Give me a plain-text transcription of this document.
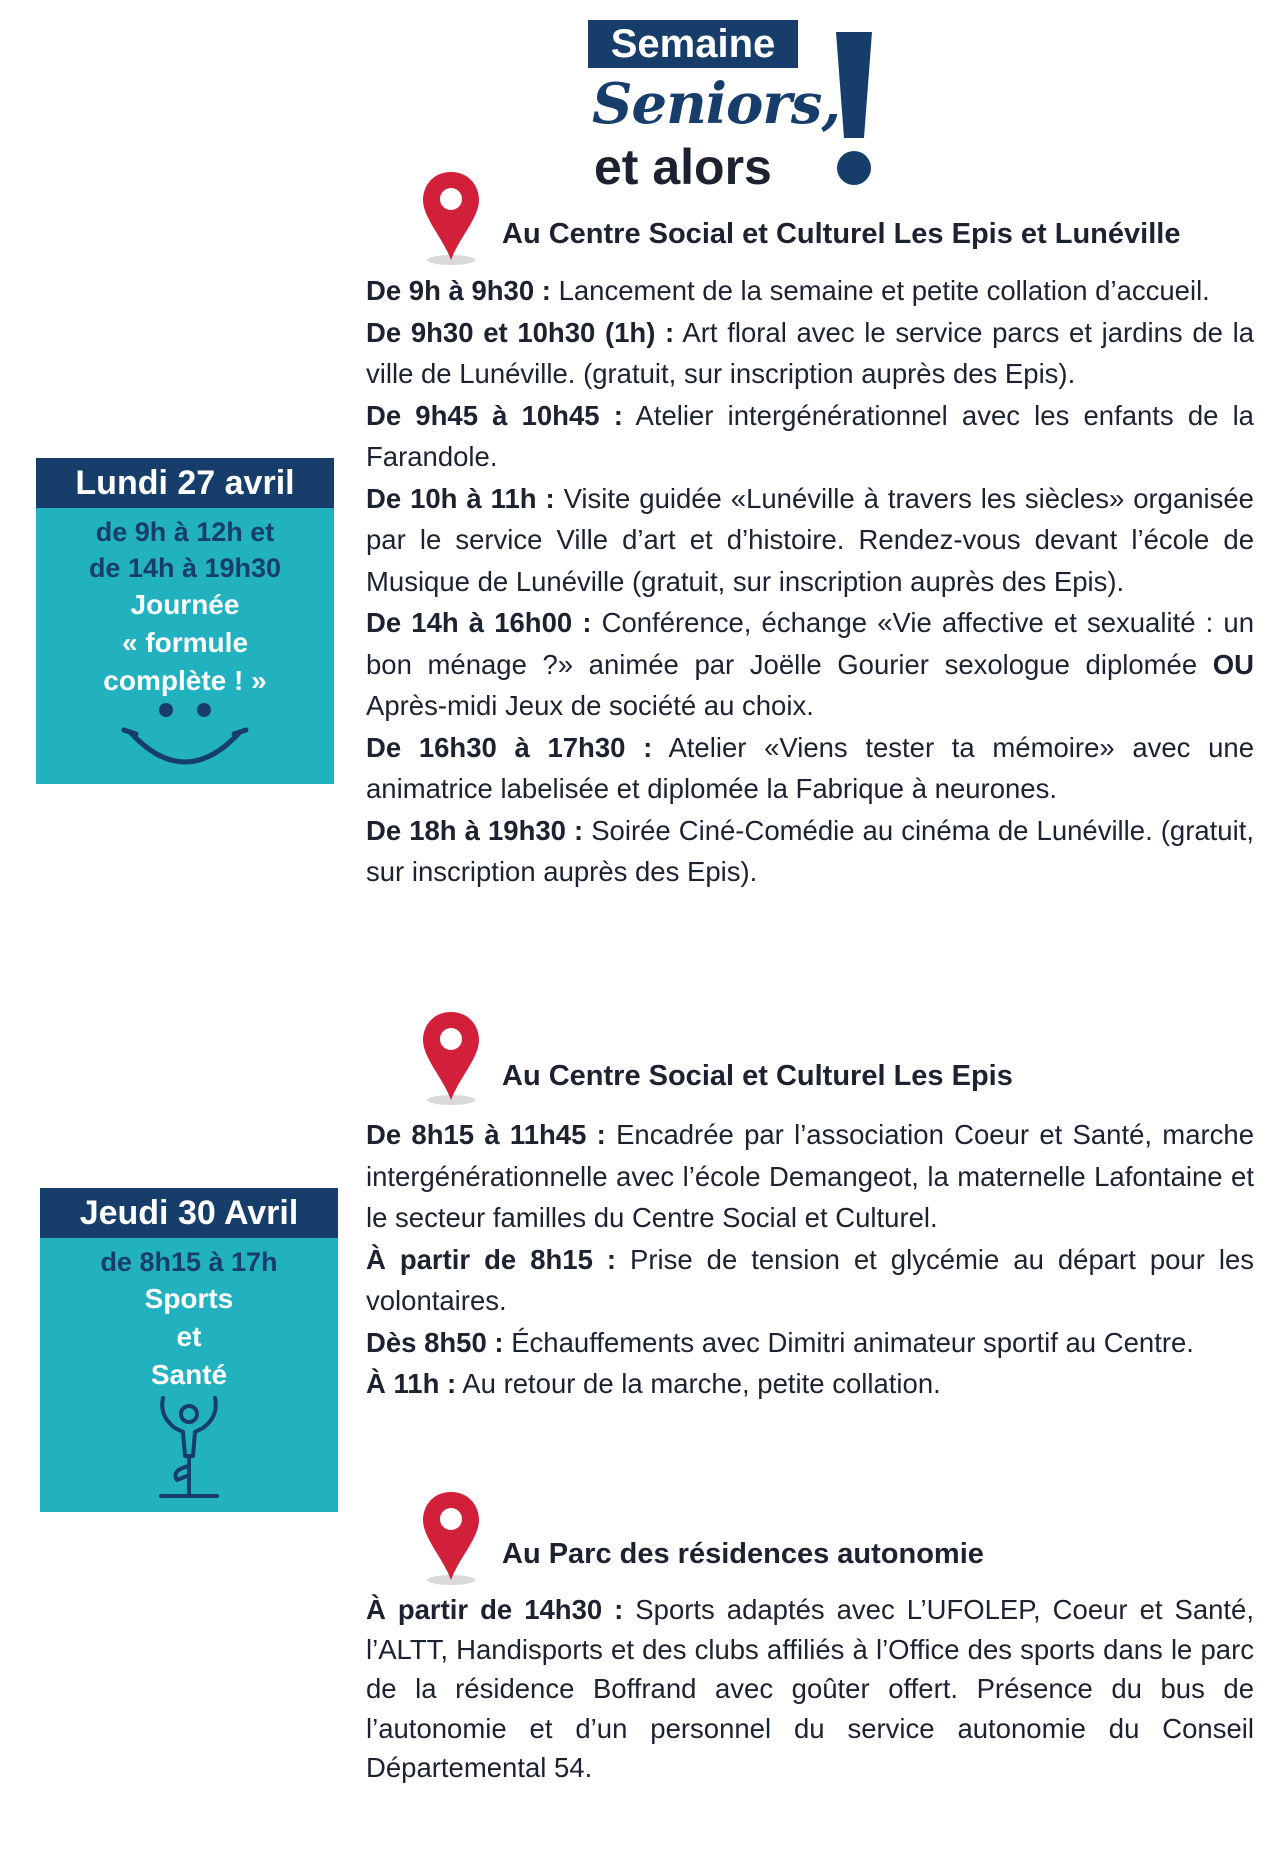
Semaine
Seniors,
et alors
Lundi 27 avril
de 9h à 12h et
de 14h à 19h30
Journée
« formule
complète ! »
Jeudi 30 Avril
de 8h15 à 17h
Sports
et
Santé
Au Centre Social et Culturel Les Epis et Lunéville

De 9h à 9h30 : Lancement de la semaine et petite collation d’accueil.

De 9h30 et 10h30 (1h) : Art floral avec le service parcs et jardins de la ville de Lunéville. (gratuit, sur inscription auprès des Epis).

De 9h45 à 10h45 : Atelier intergénérationnel avec les enfants de la Farandole.

De 10h à 11h : Visite guidée «Lunéville à travers les siècles» organisée par le service Ville d’art et d’histoire. Rendez-vous devant l’école de Musique de Lunéville (gratuit, sur inscription auprès des Epis).

De 14h à 16h00 : Conférence, échange «Vie affective et sexualité : un bon ménage ?» animée par Joëlle Gourier sexologue diplomée OU Après-midi Jeux de société au choix.

De 16h30 à 17h30 : Atelier «Viens tester ta mémoire» avec une animatrice labelisée et diplomée la Fabrique à neurones.

De 18h à 19h30 : Soirée Ciné-Comédie au cinéma de Lunéville. (gratuit, sur inscription auprès des Epis).

Au Centre Social et Culturel Les Epis

De 8h15 à 11h45 : Encadrée par l’association Coeur et Santé, marche intergénérationnelle avec l’école Demangeot, la maternelle Lafontaine et le secteur familles du Centre Social et Culturel.

À partir de 8h15 : Prise de tension et glycémie au départ pour les volontaires.

Dès 8h50 : Échauffements avec Dimitri animateur sportif au Centre.

À 11h : Au retour de la marche, petite collation.

Au Parc des résidences autonomie

À partir de 14h30 : Sports adaptés avec L’UFOLEP, Coeur et Santé, l’ALTT, Handisports et des clubs affiliés à l’Office des sports dans le parc de la résidence Boffrand avec goûter offert. Présence du bus de l’autonomie et d’un personnel du service autonomie du Conseil Départemental 54.
